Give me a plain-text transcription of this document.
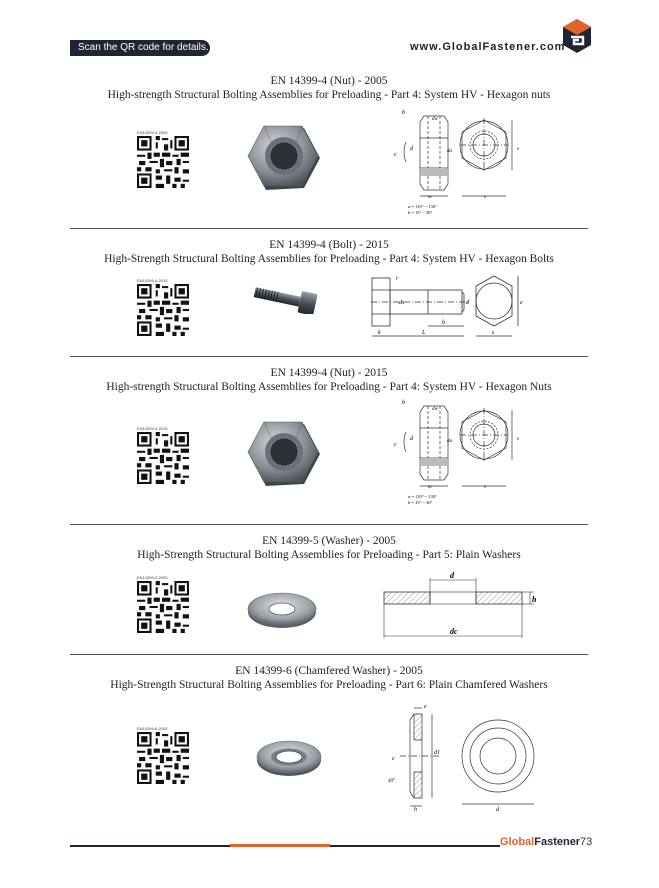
Scan the QR code for details.	www.GlobalFastener.com
EN 14399-4 (Nut) - 2005
High-strength Structural Bolting Assemblies for Preloading - Part 4: System HV - Hexagon nuts
EN14399-4-2005
b
d
dw
da
m	s
e
c
α = 110° ~ 130°
b = 15° ~ 30°
EN 14399-4 (Bolt) - 2015
High-Strength Structural Bolting Assemblies for Preloading - Part 4: System HV - Hexagon Bolts
EN14399-4-2015	r
d
ds
b
k	L	s
e
EN 14399-4 (Nut) - 2015
High-strength Structural Bolting Assemblies for Preloading - Part 4: System HV - Hexagon Nuts
EN14399-4-2015
b
d
dw
da
m	s
e
c
α = 110° ~ 130°
b = 15° ~ 30°
EN 14399-5 (Washer) - 2005
High-Strength Structural Bolting Assemblies for Preloading - Part 5: Plain Washers
EN14399-5-2005	d
h
dc
EN 14399-6 (Chamfered Washer) - 2005
High-Strength Structural Bolting Assemblies for Preloading - Part 6: Plain Chamfered Washers
EN14399-6-2005
e
d1
c
40°
h	d
GlobalFastener 73
